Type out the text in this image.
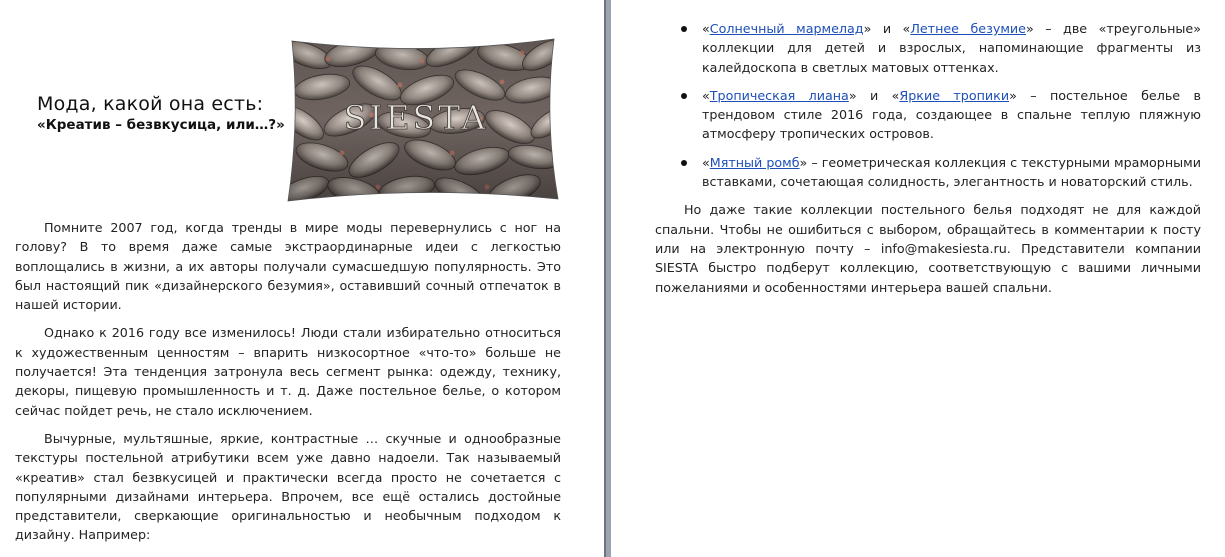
Мода, какой она есть:
«Креатив – безвкусица, или…?»	SIESTA

Помните 2007 год, когда тренды в мире моды перевернулись с ног на голову? В то время даже самые экстраординарные идеи с легкостью воплощались в жизни, а их авторы получали сумасшедшую популярность. Это был настоящий пик «дизайнерского безумия», оставивший сочный отпечаток в нашей истории.

Однако к 2016 году все изменилось! Люди стали избирательно относиться к художественным ценностям – впарить низкосортное «что-то» больше не получается! Эта тенденция затронула весь сегмент рынка: одежду, технику, декоры, пищевую промышленность и т. д. Даже постельное белье, о котором сейчас пойдет речь, не стало исключением.

Вычурные, мультяшные, яркие, контрастные … скучные и однообразные текстуры постельной атрибутики всем уже давно надоели. Так называемый «креатив» стал безвкусицей и практически всегда просто не сочетается с популярными дизайнами интерьера. Впрочем, все ещё остались достойные представители, сверкающие оригинальностью и необычным подходом к дизайну. Например:

«Солнечный мармелад» и «Летнее безумие» – две «треугольные» коллекции для детей и взрослых, напоминающие фрагменты из калейдоскопа в светлых матовых оттенках.
«Тропическая лиана» и «Яркие тропики» – постельное белье в трендовом стиле 2016 года, создающее в спальне теплую пляжную атмосферу тропических островов.
«Мятный ромб» – геометрическая коллекция с текстурными мраморными вставками, сочетающая солидность, элегантность и новаторский стиль.

Но даже такие коллекции постельного белья подходят не для каждой спальни. Чтобы не ошибиться с выбором, обращайтесь в комментарии к посту или на электронную почту – info@makesiesta.ru. Представители компании SIESTA быстро подберут коллекцию, соответствующую с вашими личными пожеланиями и особенностями интерьера вашей спальни.
